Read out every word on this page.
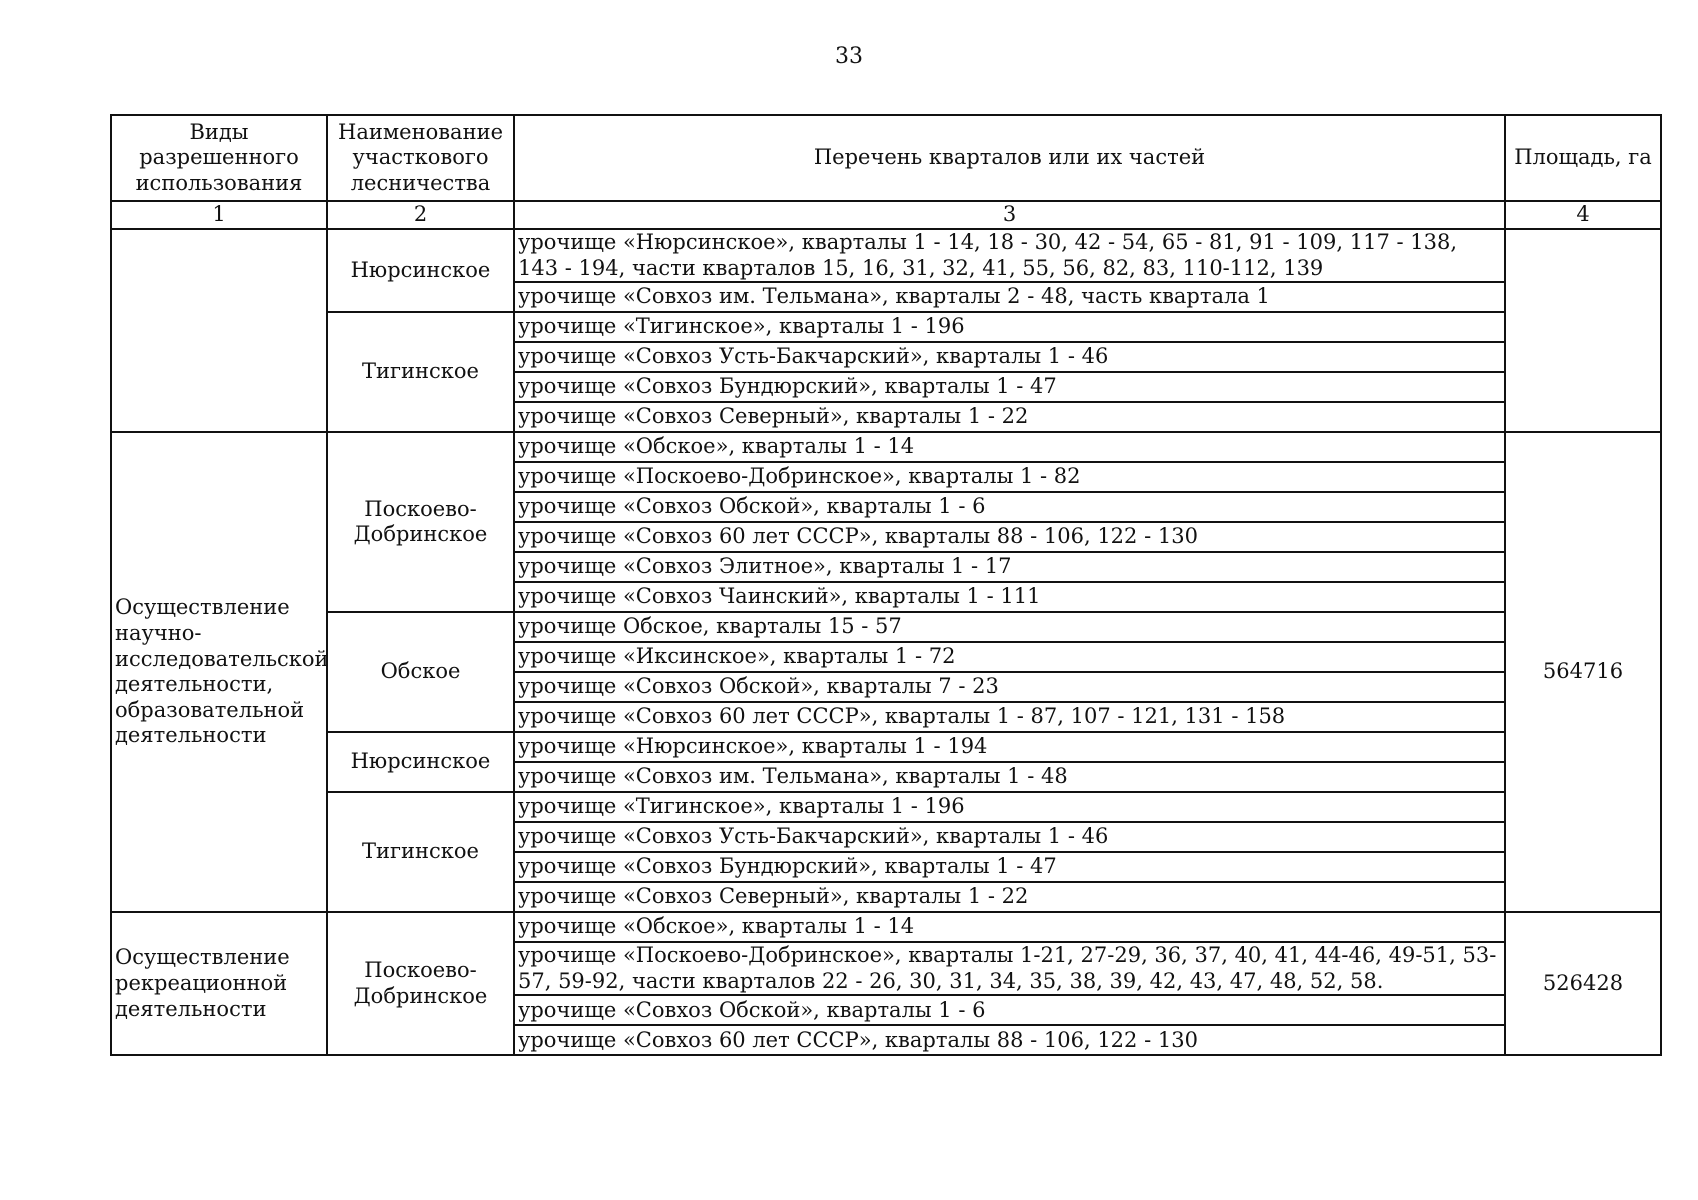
33
Виды разрешенного использования	Наименование участкового лесничества	Перечень кварталов или их частей	Площадь, га
1	2	3	4
	Нюрсинское	урочище «Нюрсинское», кварталы 1 - 14, 18 - 30, 42 - 54, 65 - 81, 91 - 109, 117 - 138, 143 - 194, части кварталов 15, 16, 31, 32, 41, 55, 56, 82, 83, 110-112, 139	
		урочище «Совхоз им. Тельмана», кварталы 2 - 48, часть квартала 1	
	Тигинское	урочище «Тигинское», кварталы 1 - 196	
		урочище «Совхоз Усть-Бакчарский», кварталы 1 - 46	
		урочище «Совхоз Бундюрский», кварталы 1 - 47	
		урочище «Совхоз Северный», кварталы 1 - 22	
Осуществление научно-исследовательской деятельности, образовательной деятельности	Поскоево-Добринское	урочище «Обское», кварталы 1 - 14	564716
		урочище «Поскоево-Добринское», кварталы 1 - 82	
		урочище «Совхоз Обской», кварталы 1 - 6	
		урочище «Совхоз 60 лет СССР», кварталы 88 - 106, 122 - 130	
		урочище «Совхоз Элитное», кварталы 1 - 17	
		урочище «Совхоз Чаинский», кварталы 1 - 111	
	Обское	урочище Обское, кварталы 15 - 57	
		урочище «Иксинское», кварталы 1 - 72	
		урочище «Совхоз Обской», кварталы 7 - 23	
		урочище «Совхоз 60 лет СССР», кварталы 1 - 87, 107 - 121, 131 - 158	
	Нюрсинское	урочище «Нюрсинское», кварталы 1 - 194	
		урочище «Совхоз им. Тельмана», кварталы 1 - 48	
	Тигинское	урочище «Тигинское», кварталы 1 - 196	
		урочище «Совхоз Усть-Бакчарский», кварталы 1 - 46	
		урочище «Совхоз Бундюрский», кварталы 1 - 47	
		урочище «Совхоз Северный», кварталы 1 - 22	
Осуществление рекреационной деятельности	Поскоево-Добринское	урочище «Обское», кварталы 1 - 14	526428
		урочище «Поскоево-Добринское», кварталы 1-21, 27-29, 36, 37, 40, 41, 44-46, 49-51, 53-57, 59-92, части кварталов 22 - 26, 30, 31, 34, 35, 38, 39, 42, 43, 47, 48, 52, 58.	
		урочище «Совхоз Обской», кварталы 1 - 6	
		урочище «Совхоз 60 лет СССР», кварталы 88 - 106, 122 - 130	
